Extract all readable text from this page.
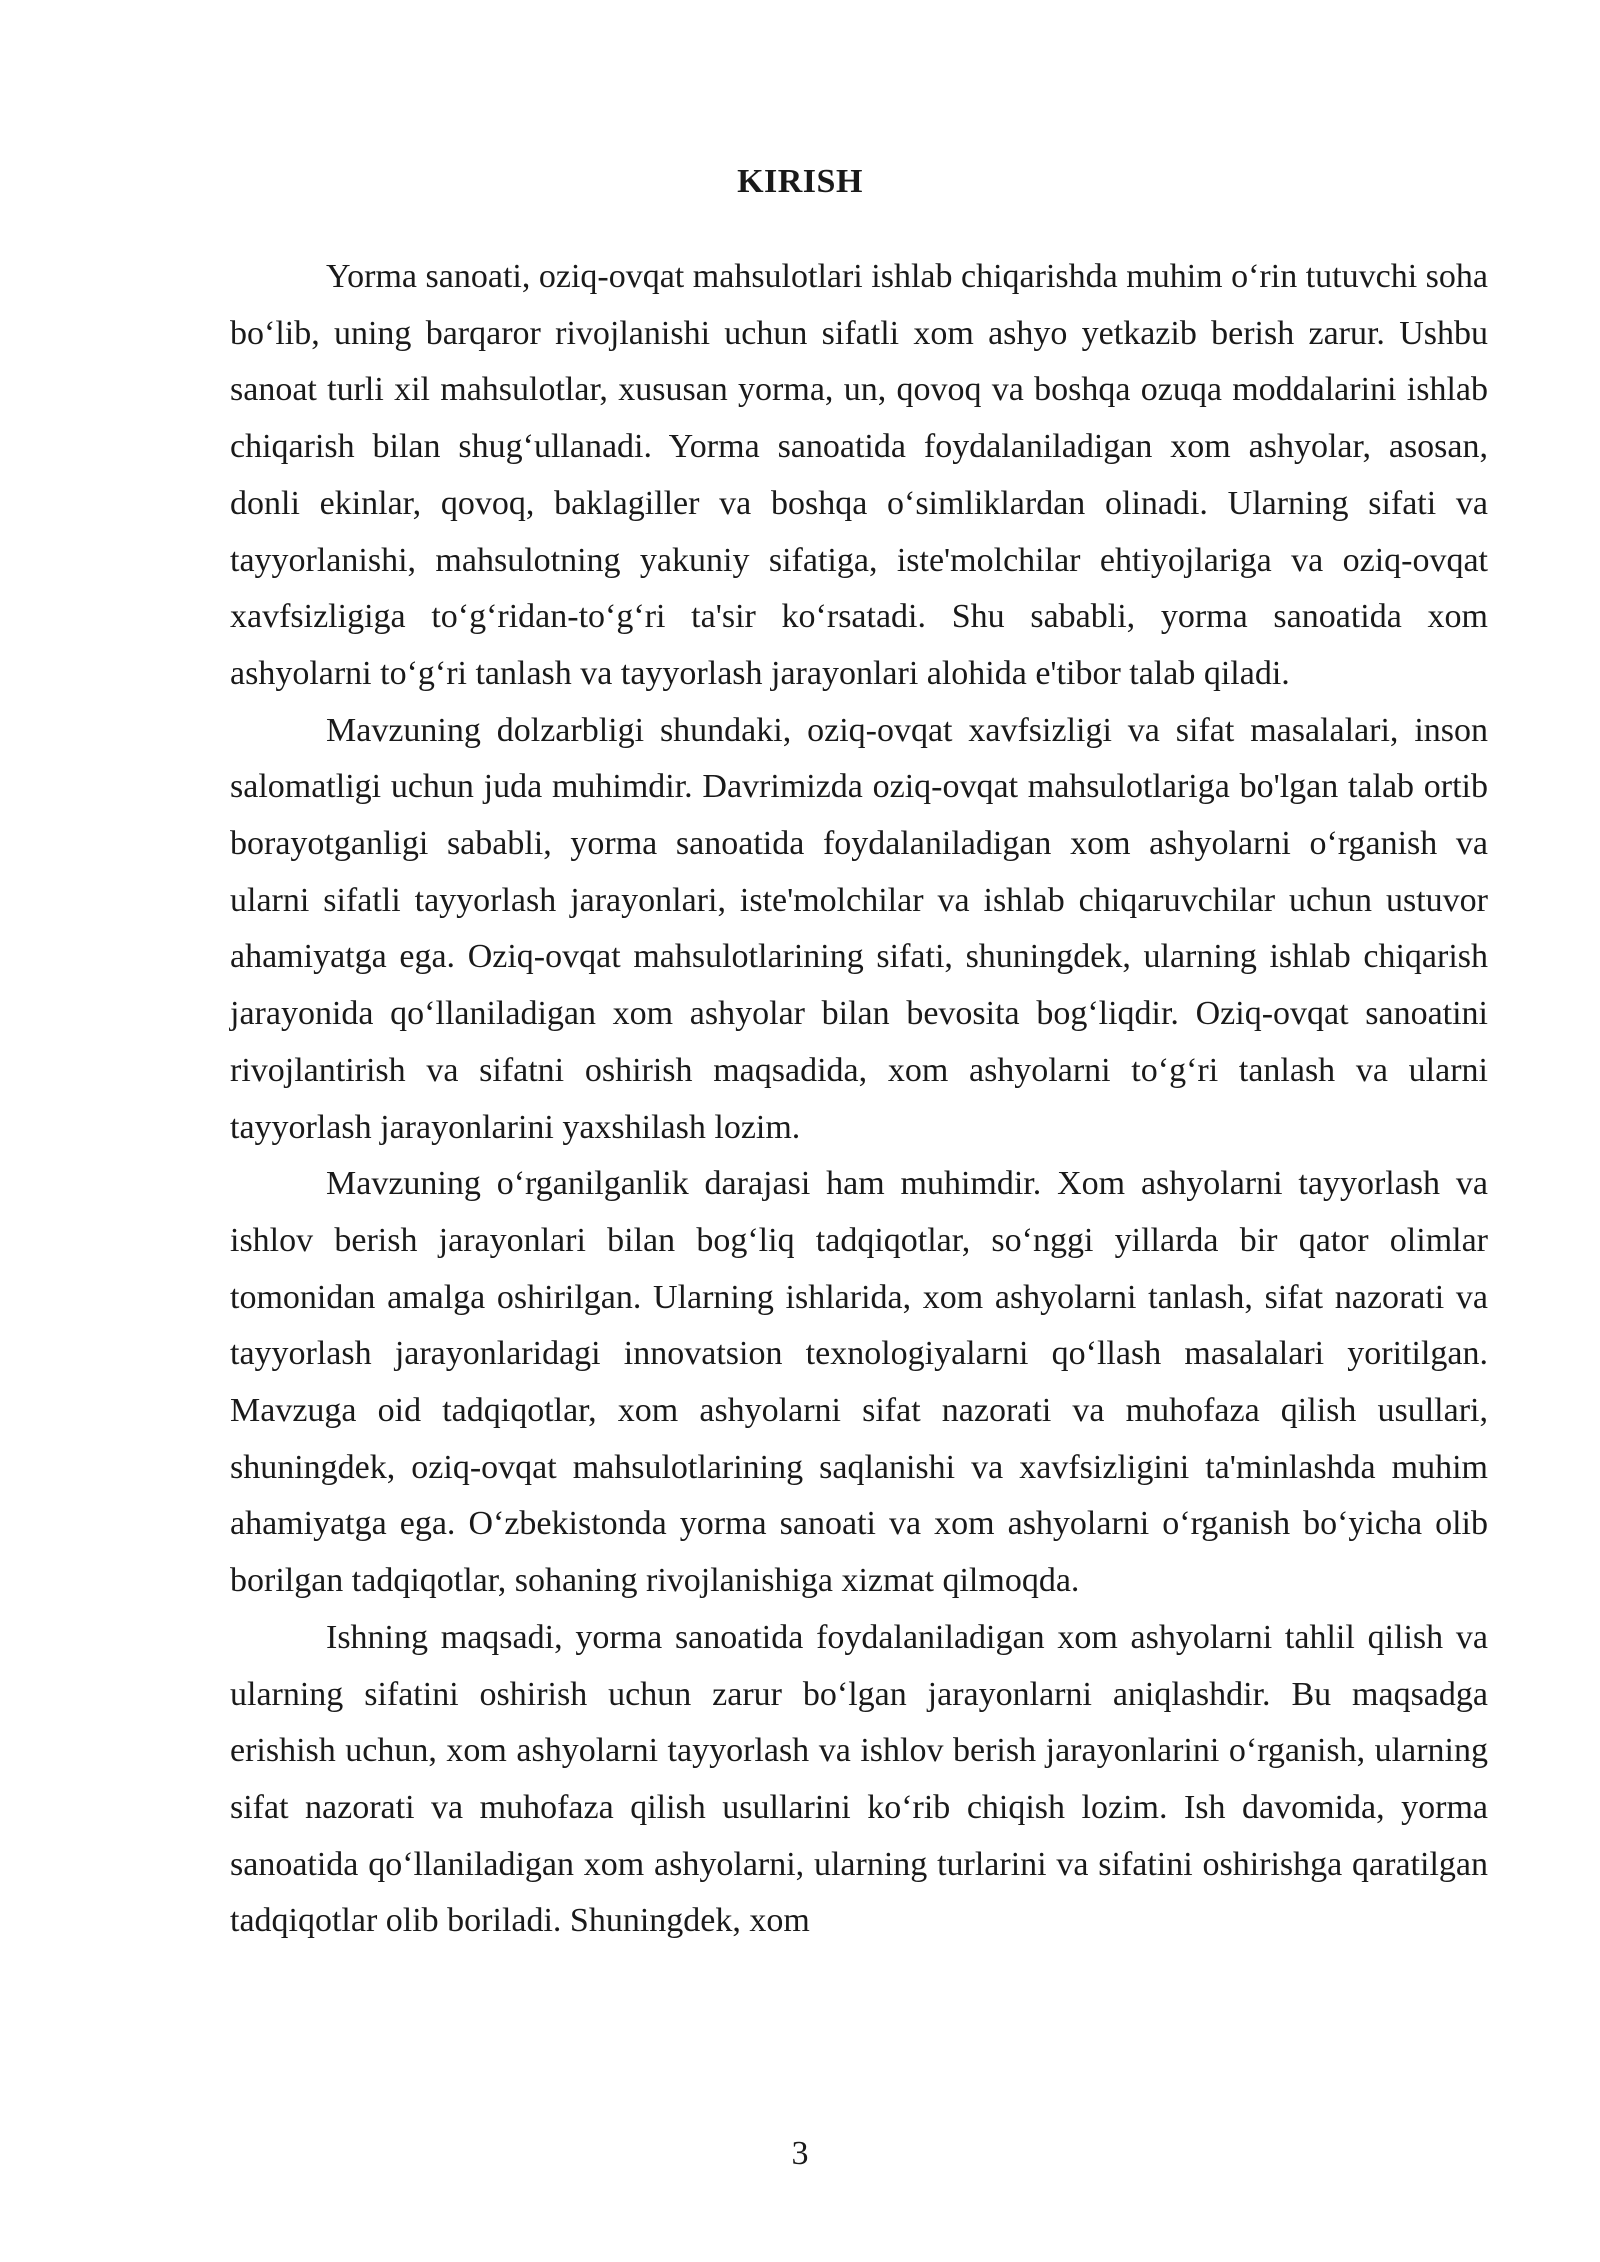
KIRISH

Yorma sanoati, oziq-ovqat mahsulotlari ishlab chiqarishda muhim o‘rin tutuvchi soha bo‘lib, uning barqaror rivojlanishi uchun sifatli xom ashyo yetkazib berish zarur. Ushbu sanoat turli xil mahsulotlar, xususan yorma, un, qovoq va boshqa ozuqa moddalarini ishlab chiqarish bilan shug‘ullanadi. Yorma sanoatida foydalaniladigan xom ashyolar, asosan, donli ekinlar, qovoq, baklagiller va boshqa o‘simliklardan olinadi. Ularning sifati va tayyorlanishi, mahsulotning yakuniy sifatiga, iste'molchilar ehtiyojlariga va oziq-ovqat xavfsizligiga to‘g‘ridan-to‘g‘ri ta'sir ko‘rsatadi. Shu sababli, yorma sanoatida xom ashyolarni to‘g‘ri tanlash va tayyorlash jarayonlari alohida e'tibor talab qiladi.

Mavzuning dolzarbligi shundaki, oziq-ovqat xavfsizligi va sifat masalalari, inson salomatligi uchun juda muhimdir. Davrimizda oziq-ovqat mahsulotlariga bo'lgan talab ortib borayotganligi sababli, yorma sanoatida foydalaniladigan xom ashyolarni o‘rganish va ularni sifatli tayyorlash jarayonlari, iste'molchilar va ishlab chiqaruvchilar uchun ustuvor ahamiyatga ega. Oziq-ovqat mahsulotlarining sifati, shuningdek, ularning ishlab chiqarish jarayonida qo‘llaniladigan xom ashyolar bilan bevosita bog‘liqdir. Oziq-ovqat sanoatini rivojlantirish va sifatni oshirish maqsadida, xom ashyolarni to‘g‘ri tanlash va ularni tayyorlash jarayonlarini yaxshilash lozim.

Mavzuning o‘rganilganlik darajasi ham muhimdir. Xom ashyolarni tayyorlash va ishlov berish jarayonlari bilan bog‘liq tadqiqotlar, so‘nggi yillarda bir qator olimlar tomonidan amalga oshirilgan. Ularning ishlarida, xom ashyolarni tanlash, sifat nazorati va tayyorlash jarayonlaridagi innovatsion texnologiyalarni qo‘llash masalalari yoritilgan. Mavzuga oid tadqiqotlar, xom ashyolarni sifat nazorati va muhofaza qilish usullari, shuningdek, oziq-ovqat mahsulotlarining saqlanishi va xavfsizligini ta'minlashda muhim ahamiyatga ega. O‘zbekistonda yorma sanoati va xom ashyolarni o‘rganish bo‘yicha olib borilgan tadqiqotlar, sohaning rivojlanishiga xizmat qilmoqda.

Ishning maqsadi, yorma sanoatida foydalaniladigan xom ashyolarni tahlil qilish va ularning sifatini oshirish uchun zarur bo‘lgan jarayonlarni aniqlashdir. Bu maqsadga erishish uchun, xom ashyolarni tayyorlash va ishlov berish jarayonlarini o‘rganish, ularning sifat nazorati va muhofaza qilish usullarini ko‘rib chiqish lozim. Ish davomida, yorma sanoatida qo‘llaniladigan xom ashyolarni, ularning turlarini va sifatini oshirishga qaratilgan tadqiqotlar olib boriladi. Shuningdek, xom

3
